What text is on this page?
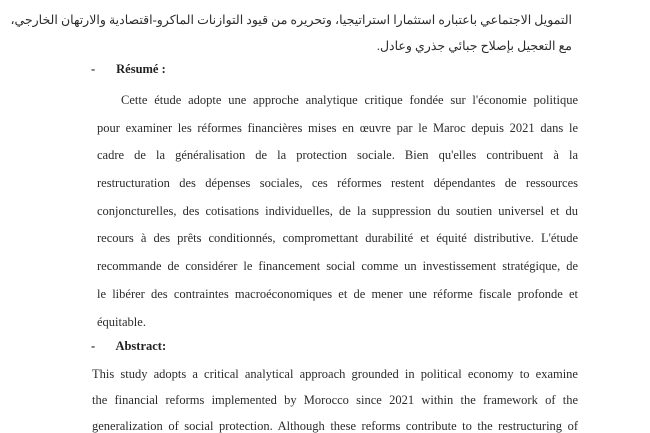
التمويل الاجتماعي باعتباره استثمارا استراتيجيا، وتحريره من قيود التوازنات الماكرو-اقتصادية والارتهان الخارجي،
مع التعجيل بإصلاح جبائي جذري وعادل.
- Résumé :
Cette étude adopte une approche analytique critique fondée sur l'économie politique
pour examiner les réformes financières mises en œuvre par le Maroc depuis 2021 dans le
cadre de la généralisation de la protection sociale. Bien qu'elles contribuent à la
restructuration des dépenses sociales, ces réformes restent dépendantes de ressources
conjoncturelles, des cotisations individuelles, de la suppression du soutien universel et du
recours à des prêts conditionnés, compromettant durabilité et équité distributive. L'étude
recommande de considérer le financement social comme un investissement stratégique, de
le libérer des contraintes macroéconomiques et de mener une réforme fiscale profonde et
équitable.
- Abstract:
This study adopts a critical analytical approach grounded in political economy to examine
the financial reforms implemented by Morocco since 2021 within the framework of the
generalization of social protection. Although these reforms contribute to the restructuring of
